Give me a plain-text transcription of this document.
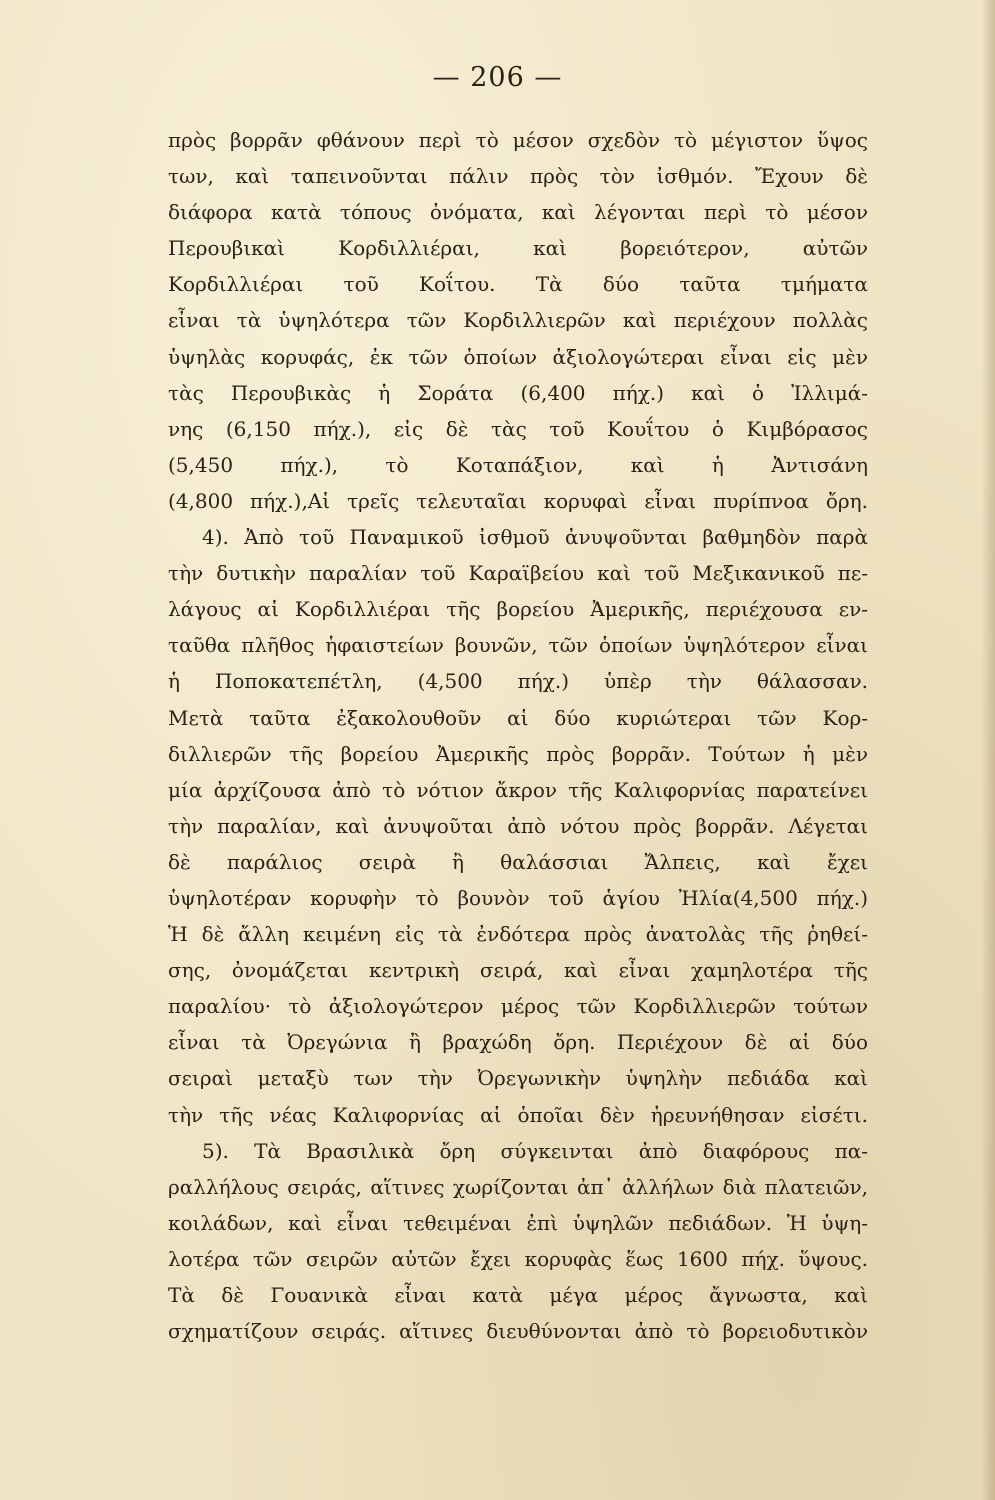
— 206 —
πρὸς βορρᾶν φθάνουν περὶ τὸ μέσον σχεδὸν τὸ μέγιστον ὕψος
των, καὶ ταπεινοῦνται πάλιν πρὸς τὸν ἰσθμόν. Ἔχουν δὲ
διάφορα κατὰ τόπους ὀνόματα, καὶ λέγονται περὶ τὸ μέσον
Περουβικαὶ Κορδιλλιέραι, καὶ βορειότερον, αὐτῶν
Κορδιλλιέραι τοῦ Κοΐτου. Τὰ δύο ταῦτα τμήματα
εἶναι τὰ ὑψηλότερα τῶν Κορδιλλιερῶν καὶ περιέχουν πολλὰς
ὑψηλὰς κορυφάς, ἐκ τῶν ὁποίων ἀξιολογώτεραι εἶναι εἰς μὲν
τὰς Περουβικὰς ἡ Σοράτα (6,400 πήχ.) καὶ ὁ Ἰλλιμά-
νης (6,150 πήχ.), εἰς δὲ τὰς τοῦ Κουΐτου ὁ Κιμβόρασος
(5,450 πήχ.), τὸ Κοταπάξιον, καὶ ἡ Ἀντισάνη
(4,800 πήχ.),Αἱ τρεῖς τελευταῖαι κορυφαὶ εἶναι πυρίπνοα ὄρη.
4). Ἀπὸ τοῦ Παναμικοῦ ἰσθμοῦ ἀνυψοῦνται βαθμηδὸν παρὰ
τὴν δυτικὴν παραλίαν τοῦ Καραϊβείου καὶ τοῦ Μεξικανικοῦ πε-
λάγους αἱ Κορδιλλιέραι τῆς βορείου Ἀμερικῆς, περιέχουσα εν-
ταῦθα πλῆθος ἡφαιστείων βουνῶν, τῶν ὁποίων ὑψηλότερον εἶναι
ἡ Ποποκατεπέτλη, (4,500 πήχ.) ὑπὲρ τὴν θάλασσαν.
Μετὰ ταῦτα ἐξακολουθοῦν αἱ δύο κυριώτεραι τῶν Κορ-
διλλιερῶν τῆς βορείου Ἀμερικῆς πρὸς βορρᾶν. Τούτων ἡ μὲν
μία ἀρχίζουσα ἀπὸ τὸ νότιον ἄκρον τῆς Καλιφορνίας παρατείνει
τὴν παραλίαν, καὶ ἀνυψοῦται ἀπὸ νότου πρὸς βορρᾶν. Λέγεται
δὲ παράλιος σειρὰ ἢ θαλάσσιαι Ἄλπεις, καὶ ἔχει
ὑψηλοτέραν κορυφὴν τὸ βουνὸν τοῦ ἁγίου Ἠλία(4,500 πήχ.)
Ἡ δὲ ἄλλη κειμένη εἰς τὰ ἐνδότερα πρὸς ἀνατολὰς τῆς ῥηθεί-
σης, ὀνομάζεται κεντρικὴ σειρά, καὶ εἶναι χαμηλοτέρα τῆς
παραλίου· τὸ ἀξιολογώτερον μέρος τῶν Κορδιλλιερῶν τούτων
εἶναι τὰ Ὀρεγώνια ἢ βραχώδη ὄρη. Περιέχουν δὲ αἱ δύο
σειραὶ μεταξὺ των τὴν Ὀρεγωνικὴν ὑψηλὴν πεδιάδα καὶ
τὴν τῆς νέας Καλιφορνίας αἱ ὁποῖαι δὲν ἠρευνήθησαν εἰσέτι.
5). Τὰ Βρασιλικὰ ὄρη σύγκεινται ἀπὸ διαφόρους πα-
ραλλήλους σειράς, αἵτινες χωρίζονται ἀπ᾽ ἀλλήλων διὰ πλατειῶν,
κοιλάδων, καὶ εἶναι τεθειμέναι ἐπὶ ὑψηλῶν πεδιάδων. Ἡ ὑψη-
λοτέρα τῶν σειρῶν αὐτῶν ἔχει κορυφὰς ἕως 1600 πήχ. ὕψους.
Τὰ δὲ Γουανικὰ εἶναι κατὰ μέγα μέρος ἄγνωστα, καὶ
σχηματίζουν σειράς. αἵτινες διευθύνονται ἀπὸ τὸ βορειοδυτικὸν
